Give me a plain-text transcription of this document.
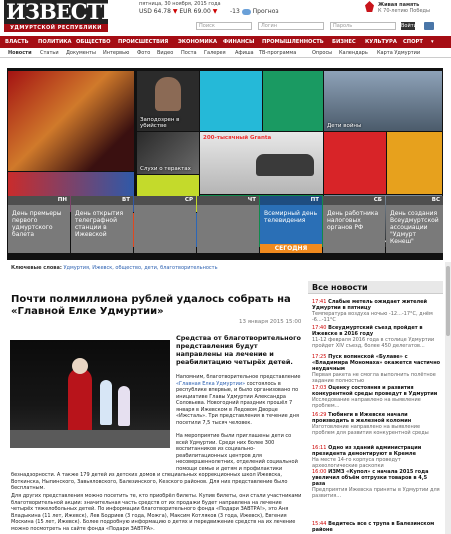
ИЗВЕСТИЯ
УДМУРТСКОЙ РЕСПУБЛИКИ
пятница, 30 ноября, 2015 года
USD 64.78 ▼ EUR 69.00 ▼ -13 Прогноз
Поиск	Логин	Пароль	Войти
Живая память
К 70-летию Победы
ВЛАСТЬ ПОЛИТИКА ОБЩЕСТВО ПРОИСШЕСТВИЯ ЭКОНОМИКА ФИНАНСЫ ПРОМЫШЛЕННОСТЬ БИЗНЕС КУЛЬТУРА СПОРТ ▾
Новости Статьи Документы Интервью Фото Видео Поста Галерея Афиша ТВ-программа	Опросы Календарь Карта Удмуртии
Заподозрен в убийстве	Дети войны
Слухи о терактах
200-тысячный Granta
ПН
День премьеры первого удмуртского балета
ВТ
День открытия телеграфной станции в Ижевской
СР	ЧТ	ПТ
Всемирный день телевидения
СЕГОДНЯ
СБ
День работника налоговых органов РФ
ВС
День создания Всеудмуртской ассоциации "Удмурт Кенеш"
Ключевые слова: Удмуртия, Ижевск, общество, дети, благотворительность
Почти полмиллиона рублей удалось собрать на «Главной Елке Удмуртии»
13 января 2015 15:00
Средства от благотворительного представления будут направлены на лечение и реабилитацию четырёх детей.
Напомним, благотворительное представление «Главная Елка Удмуртии» состоялось в республике впервые, и было организовано по инициативе Главы Удмуртии Александра Соловьева. Новогодний праздник прошёл 7 января в Ижевском в Ледовом Дворце «Ижсталь». Три представления в течение дня посетили 7,5 тысяч человек.
На мероприятие были приглашены дети со всей Удмуртии. Среди них более 300 воспитанников из социально-реабилитационных центров для несовершеннолетних, отделений социальной помощи семье и детям и профилактики
безнадзорности. А также 179 детей из детских домов и специальных коррекционных школ Ижевска, Воткинска, Ныпинского, Завьяловского, Балезинского, Кезского районов. Для них представление было бесплатным.
Для других представления можно посетить те, кто приобрёл билеты. Купив билеты, они стали участниками благотворительной акции: значительная часть средств от их продажи будет направлена на лечение четырёх тяжелобольных детей. По информации благотворительного фонда «Подари ЗАВТРА!», это Аня Владыкина (11 лет, Ижевск), Лев Бодриев (3 года, Можга), Максим Котляков (3 года, Ижевск), Евгения Москина (15 лет, Ижевск). Более подробную информацию о детях и передвижение средств на их лечение можно посмотреть на сайте фонда «Подари ЗАВТРА».
Все новости
17:41 Слабые метель ожидает жителей Удмуртии в пятницу
Температура воздуха ночью -12...-17°С, днём -6...-11°С
17:40 Всеудмуртский съезд пройдет в Ижевске в 2016 году
11-12 февраля 2016 года в столице Удмуртии пройдет XIV съезд, более 450 делегатов...
17:25 Пуск вопинской «Булаве» с «Владимира Мономаха» окажется частично неудачным
Первая ракета не смогла выполнить полётное задание полностью
17:03 Оценку состояния и развития конкурентной среды проведут в Удмуртии
Исследование направлено на выявление проблем...
16:29 Тюбинги в Ижевске начали производить в железной коломин
Изготовление направлено на выявление проблем для развития конкурентной среды
16:11 Одно из зданий администрации президента демонтируют в Кремле
На месте 14-го корпуса проведут археологические раскопки
16:00 ИЗМЗ «Купол» с начала 2015 года увеличил объём отгрузки товаров в 4,5 раза
Предприятия Ижевска приняты в Удмуртии для развития...
15:44 Ведитесь все с трупа в Балезинском районе
